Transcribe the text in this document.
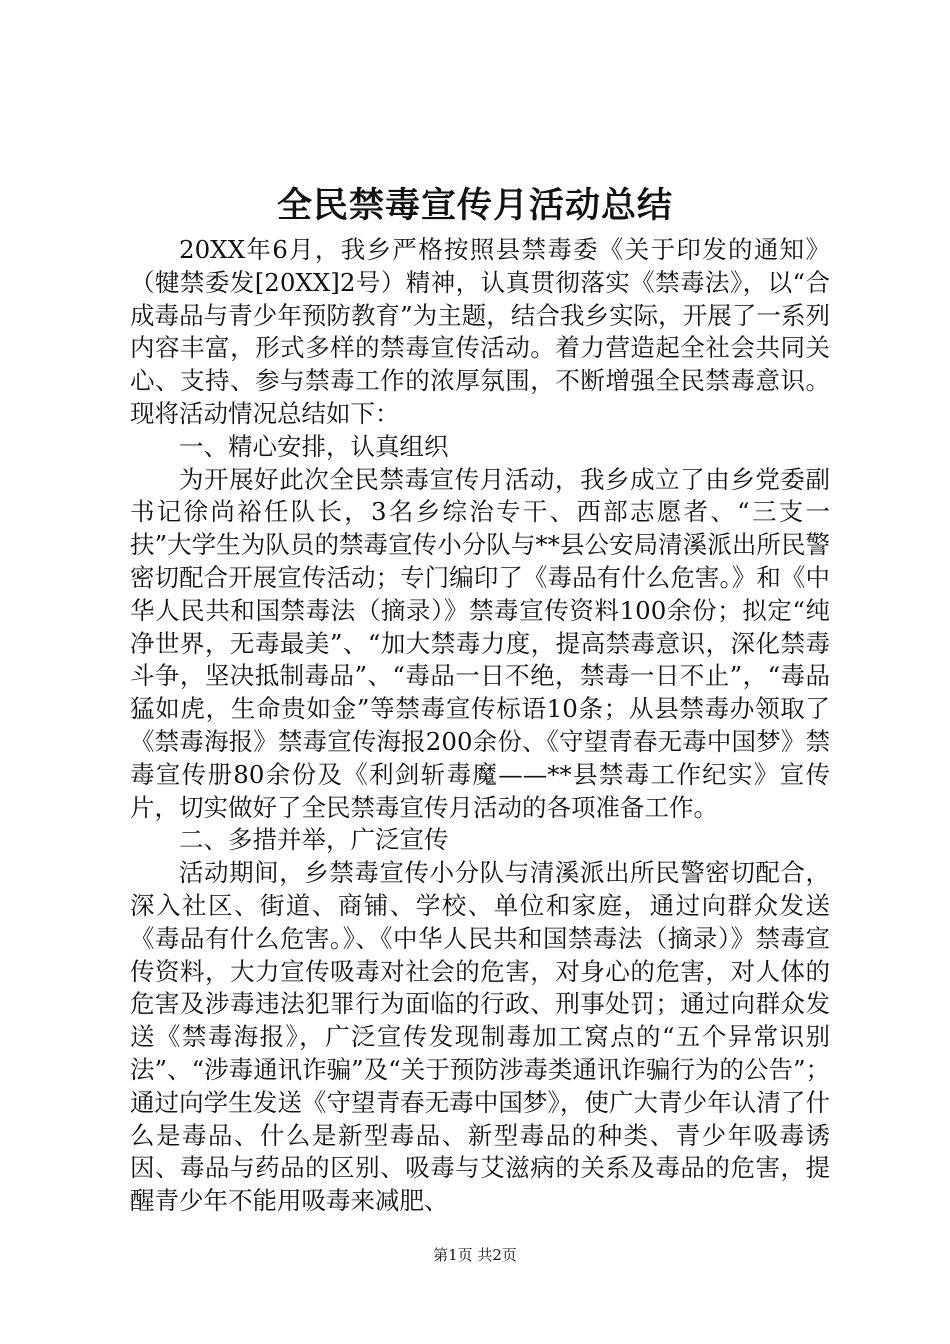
全民禁毒宣传月活动总结

20XX年6月，我乡严格按照县禁毒委《关于印发的通知》（犍禁委发[20XX]2号）精神，认真贯彻落实《禁毒法》，以“合成毒品与青少年预防教育”为主题，结合我乡实际，开展了一系列内容丰富，形式多样的禁毒宣传活动。着力营造起全社会共同关心、支持、参与禁毒工作的浓厚氛围，不断增强全民禁毒意识。现将活动情况总结如下：

一、精心安排，认真组织

为开展好此次全民禁毒宣传月活动，我乡成立了由乡党委副书记徐尚裕任队长，3名乡综治专干、西部志愿者、“三支一扶”大学生为队员的禁毒宣传小分队与**县公安局清溪派出所民警密切配合开展宣传活动；专门编印了《毒品有什么危害。》和《中华人民共和国禁毒法（摘录）》禁毒宣传资料100余份；拟定“纯净世界，无毒最美”、“加大禁毒力度，提高禁毒意识，深化禁毒斗争，坚决抵制毒品”、“毒品一日不绝，禁毒一日不止”，“毒品猛如虎，生命贵如金”等禁毒宣传标语10条；从县禁毒办领取了《禁毒海报》禁毒宣传海报200余份、《守望青春无毒中国梦》禁毒宣传册80余份及《利剑斩毒魔——**县禁毒工作纪实》宣传片，切实做好了全民禁毒宣传月活动的各项准备工作。

二、多措并举，广泛宣传

活动期间，乡禁毒宣传小分队与清溪派出所民警密切配合，深入社区、街道、商铺、学校、单位和家庭，通过向群众发送《毒品有什么危害。》、《中华人民共和国禁毒法（摘录）》禁毒宣传资料，大力宣传吸毒对社会的危害，对身心的危害，对人体的危害及涉毒违法犯罪行为面临的行政、刑事处罚；通过向群众发送《禁毒海报》，广泛宣传发现制毒加工窝点的“五个异常识别法”、“涉毒通讯诈骗”及“关于预防涉毒类通讯诈骗行为的公告”；通过向学生发送《守望青春无毒中国梦》，使广大青少年认清了什么是毒品、什么是新型毒品、新型毒品的种类、青少年吸毒诱因、毒品与药品的区别、吸毒与艾滋病的关系及毒品的危害，提醒青少年不能用吸毒来减肥、

第1页 共2页
